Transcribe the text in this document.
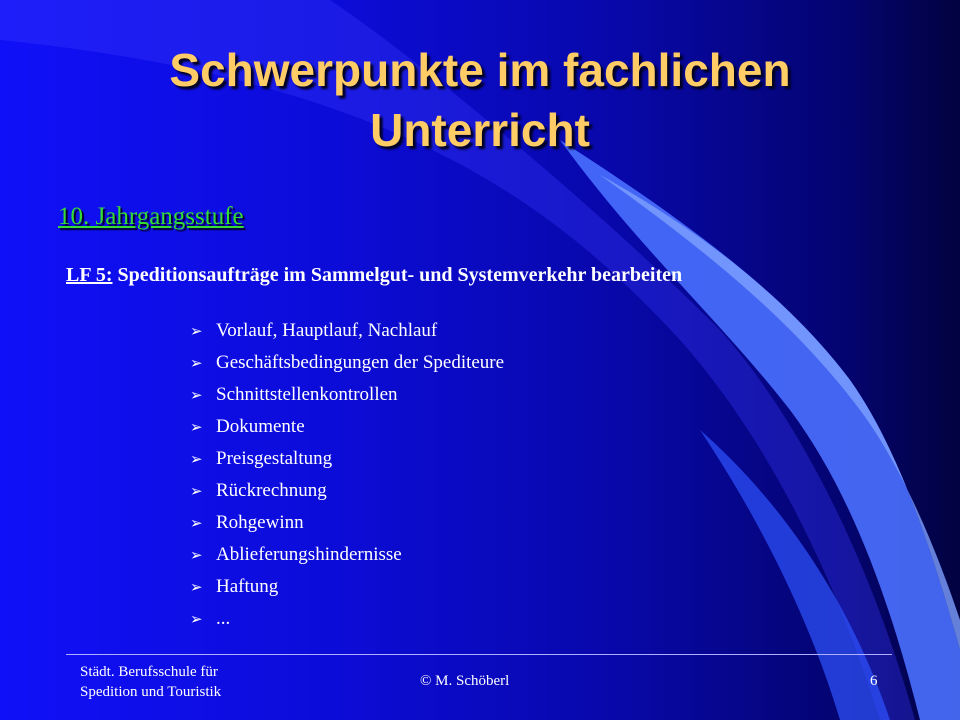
Schwerpunkte im fachlichen
Unterricht
10. Jahrgangsstufe
LF 5: Speditionsaufträge im Sammelgut- und Systemverkehr bearbeiten
➢ Vorlauf, Hauptlauf, Nachlauf
➢ Geschäftsbedingungen der Spediteure
➢ Schnittstellenkontrollen
➢ Dokumente
➢ Preisgestaltung
➢ Rückrechnung
➢ Rohgewinn
➢ Ablieferungshindernisse
➢ Haftung
➢ ...
Städt. Berufsschule für
Spedition und Touristik
© M. Schöberl	6
